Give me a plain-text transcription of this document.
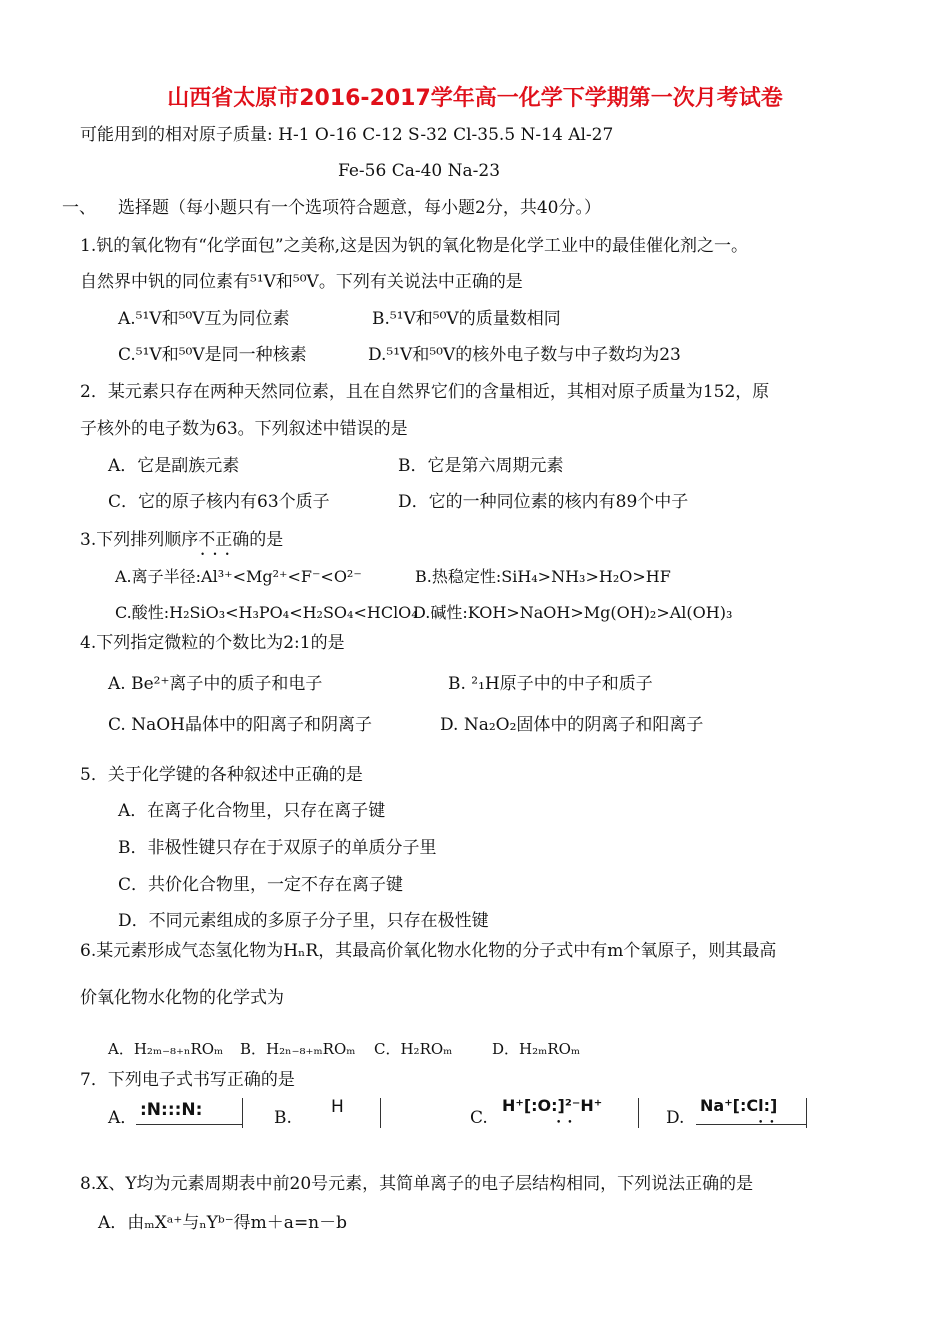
山西省太原市2016-2017学年高一化学下学期第一次月考试卷
可能用到的相对原子质量: H-1 O-16 C-12 S-32 Cl-35.5 N-14 Al-27
Fe-56 Ca-40 Na-23
一、 选择题（每小题只有一个选项符合题意，每小题2分，共40分。）
1.钒的氧化物有“化学面包”之美称,这是因为钒的氧化物是化学工业中的最佳催化剂之一。
自然界中钒的同位素有⁵¹V和⁵⁰V。下列有关说法中正确的是
A.⁵¹V和⁵⁰V互为同位素	B.⁵¹V和⁵⁰V的质量数相同
C.⁵¹V和⁵⁰V是同一种核素	D.⁵¹V和⁵⁰V的核外电子数与中子数均为23
2．某元素只存在两种天然同位素，且在自然界它们的含量相近，其相对原子质量为152，原
子核外的电子数为63。下列叙述中错误的是
A．它是副族元素	B．它是第六周期元素
C．它的原子核内有63个质子	D．它的一种同位素的核内有89个中子
3.下列排列顺序不正确 •   •的是
A.离子半径:Al³⁺<Mg²⁺<F⁻<O²⁻	B.热稳定性:SiH₄>NH₃>H₂O>HF
C.酸性:H₂SiO₃<H₃PO₄<H₂SO₄<HClO₄
D.碱性:KOH>NaOH>Mg(OH)₂>Al(OH)₃
4.下列指定微粒的个数比为2:1的是
A. Be²⁺离子中的质子和电子	B. ²₁H原子中的中子和质子
C. NaOH晶体中的阳离子和阴离子	D. Na₂O₂固体中的阴离子和阳离子
5．关于化学键的各种叙述中正确的是
A．在离子化合物里，只存在离子键
B．非极性键只存在于双原子的单质分子里
C．共价化合物里，一定不存在离子键
D．不同元素组成的多原子分子里，只存在极性键
6.某元素形成气态氢化物为HₙR，其最高价氧化物水化物的分子式中有m个氧原子，则其最高
价氧化物水化物的化学式为
A．H₂ₘ₋₈₊ₙROₘ B．H₂ₙ₋₈₊ₘROₘ C．H₂ROₘ	D．H₂ₘROₘ
7．下列电子式书写正确的是
A． :N:::N:	B.
H
C.
H⁺[:O:]²⁻H⁺
••	D.
Na⁺[:Cl:]
••
8.X、Y均为元素周期表中前20号元素，其简单离子的电子层结构相同，下列说法正确的是
A．由ₘXᵃ⁺与ₙYᵇ⁻得m＋a=n－b
